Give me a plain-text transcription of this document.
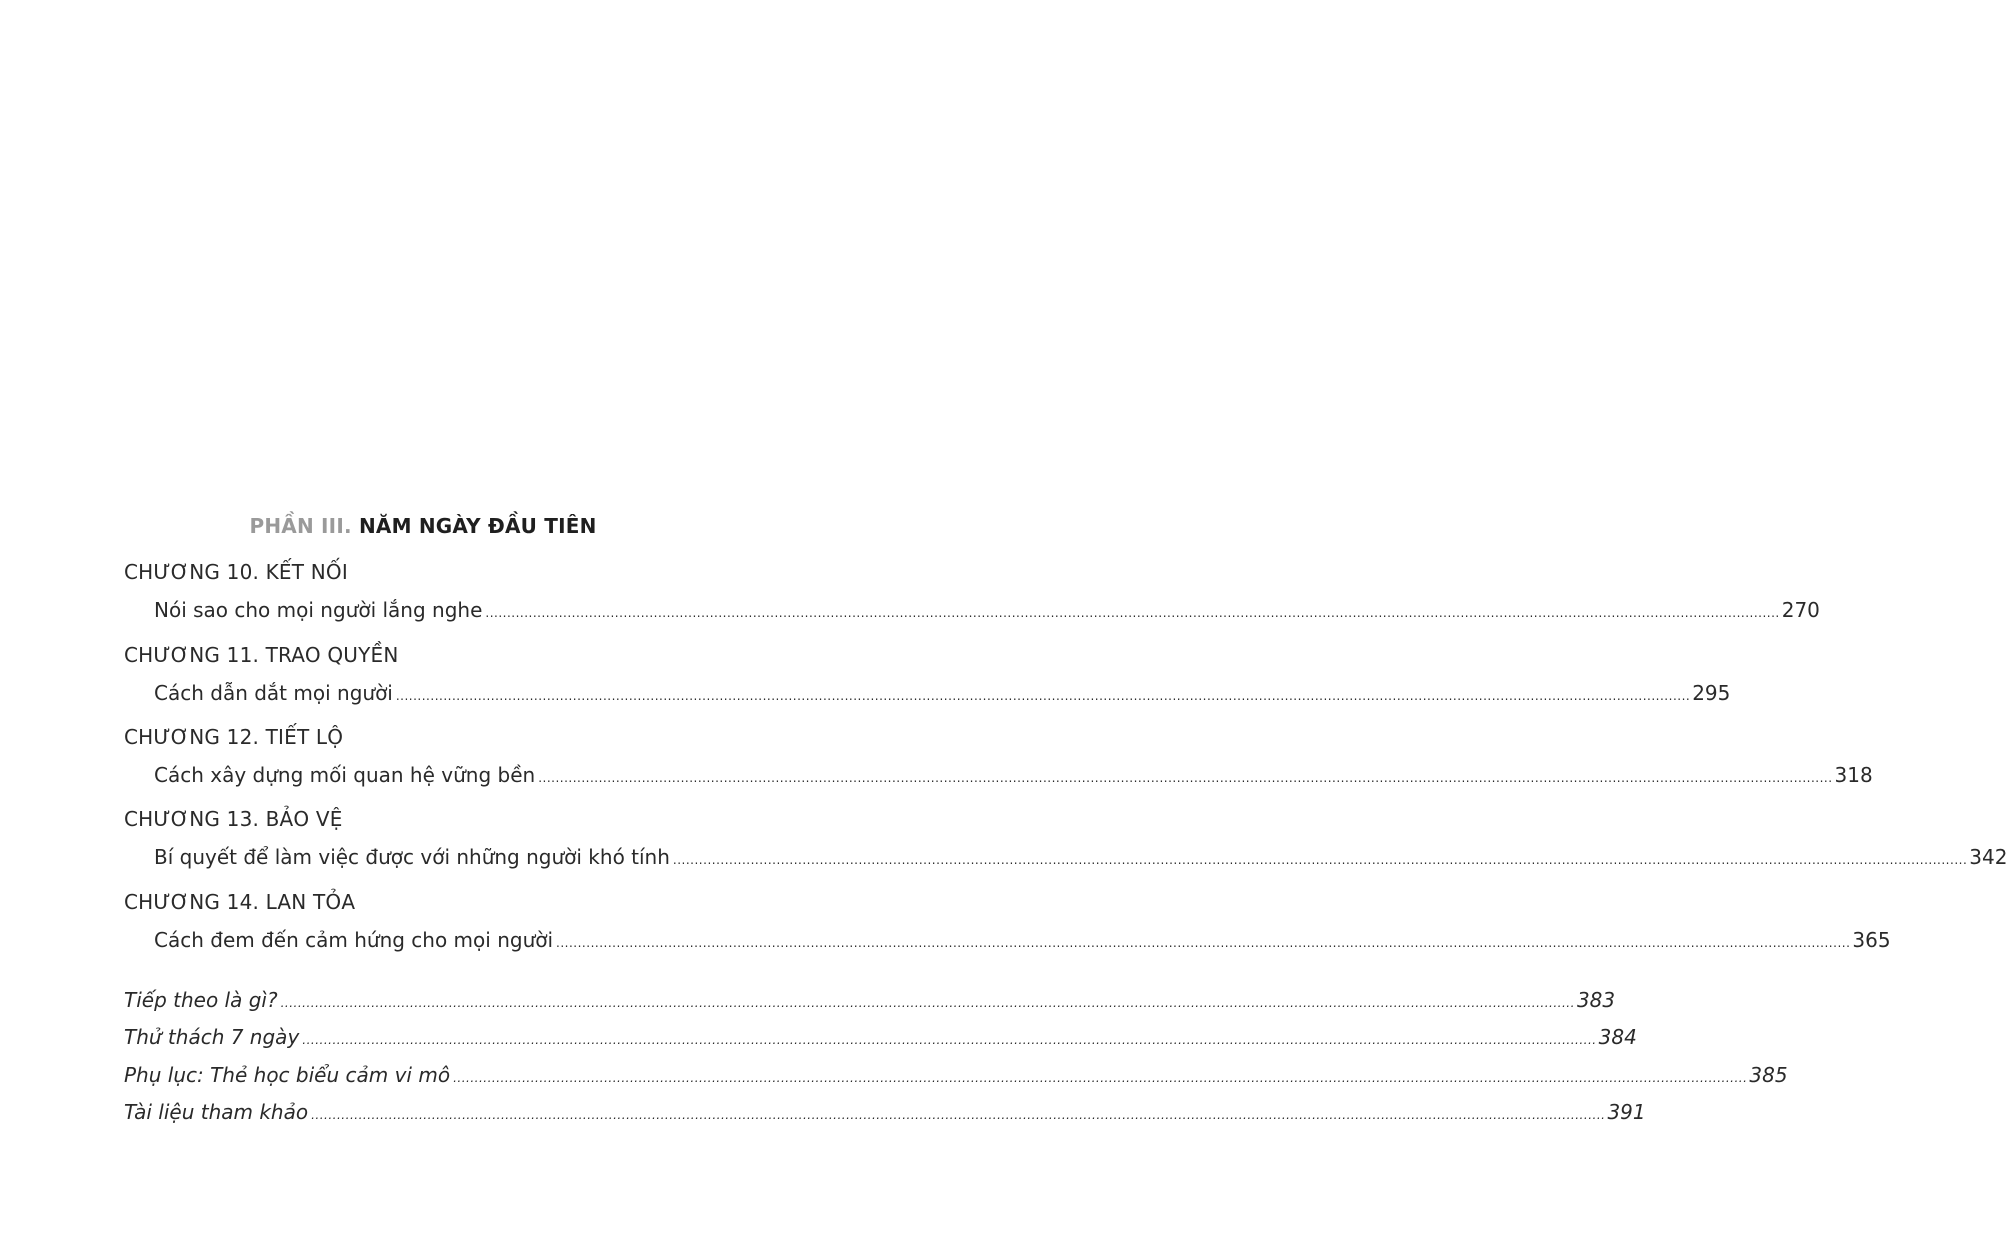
PHẦN III. NĂM NGÀY ĐẦU TIÊN
CHƯƠNG 10. KẾT NỐI
Nói sao cho mọi người lắng nghe ............................................................................................................................................................................................................................................................................................................ 270
CHƯƠNG 11. TRAO QUYỀN
Cách dẫn dắt mọi người ............................................................................................................................................................................................................................................................................................................ 295
CHƯƠNG 12. TIẾT LỘ
Cách xây dựng mối quan hệ vững bền ............................................................................................................................................................................................................................................................................................................ 318
CHƯƠNG 13. BẢO VỆ
Bí quyết để làm việc được với những người khó tính ............................................................................................................................................................................................................................................................................................................ 342
CHƯƠNG 14. LAN TỎA
Cách đem đến cảm hứng cho mọi người ............................................................................................................................................................................................................................................................................................................ 365
Tiếp theo là gì? ............................................................................................................................................................................................................................................................................................................ 383
Thử thách 7 ngày ............................................................................................................................................................................................................................................................................................................ 384
Phụ lục: Thẻ học biểu cảm vi mô ............................................................................................................................................................................................................................................................................................................ 385
Tài liệu tham khảo ............................................................................................................................................................................................................................................................................................................ 391
